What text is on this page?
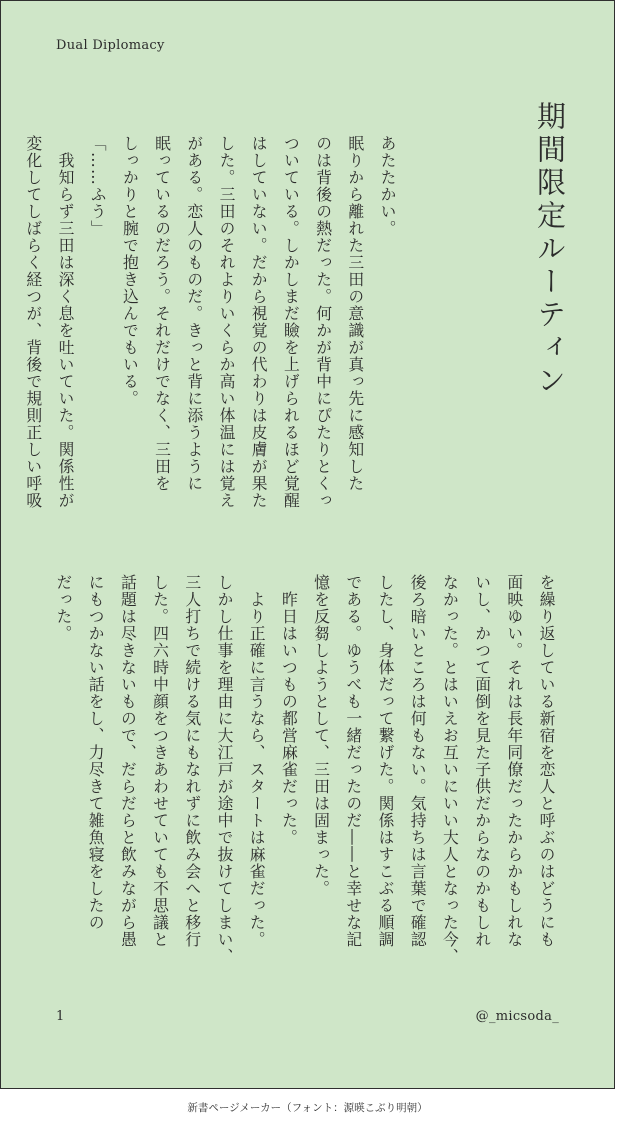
Dual Diplomacy
期間限定ルーティン

あたたかい。

眠りから離れた三田の意識が真っ先に感知した

のは背後の熱だった。何かが背中にぴたりとくっ

ついている。しかしまだ瞼を上げられるほど覚醒

はしていない。だから視覚の代わりは皮膚が果た

した。三田のそれよりいくらか高い体温には覚え

がある。恋人のものだ。きっと背に添うように

眠っているのだろう。それだけでなく、三田を

しっかりと腕で抱き込んでもいる。

「……ふう」

　我知らず三田は深く息を吐いていた。関係性が

変化してしばらく経つが、背後で規則正しい呼吸

を繰り返している新宿を恋人と呼ぶのはどうにも

面映ゆい。それは長年同僚だったからかもしれな

いし、かつて面倒を見た子供だからなのかもしれ

なかった。とはいえお互いにいい大人となった今、

後ろ暗いところは何もない。気持ちは言葉で確認

したし、身体だって繋げた。関係はすこぶる順調

である。ゆうべも一緒だったのだ――と幸せな記

憶を反芻しようとして、三田は固まった。

　昨日はいつもの都営麻雀だった。

　より正確に言うなら、スタートは麻雀だった。

しかし仕事を理由に大江戸が途中で抜けてしまい、

三人打ちで続ける気にもなれずに飲み会へと移行

した。四六時中顔をつきあわせていても不思議と

話題は尽きないもので、だらだらと飲みながら愚

にもつかない話をし、力尽きて雑魚寝をしたの

だった。

1	@_micsoda_
新書ページメーカー（フォント：源暎こぶり明朝）
